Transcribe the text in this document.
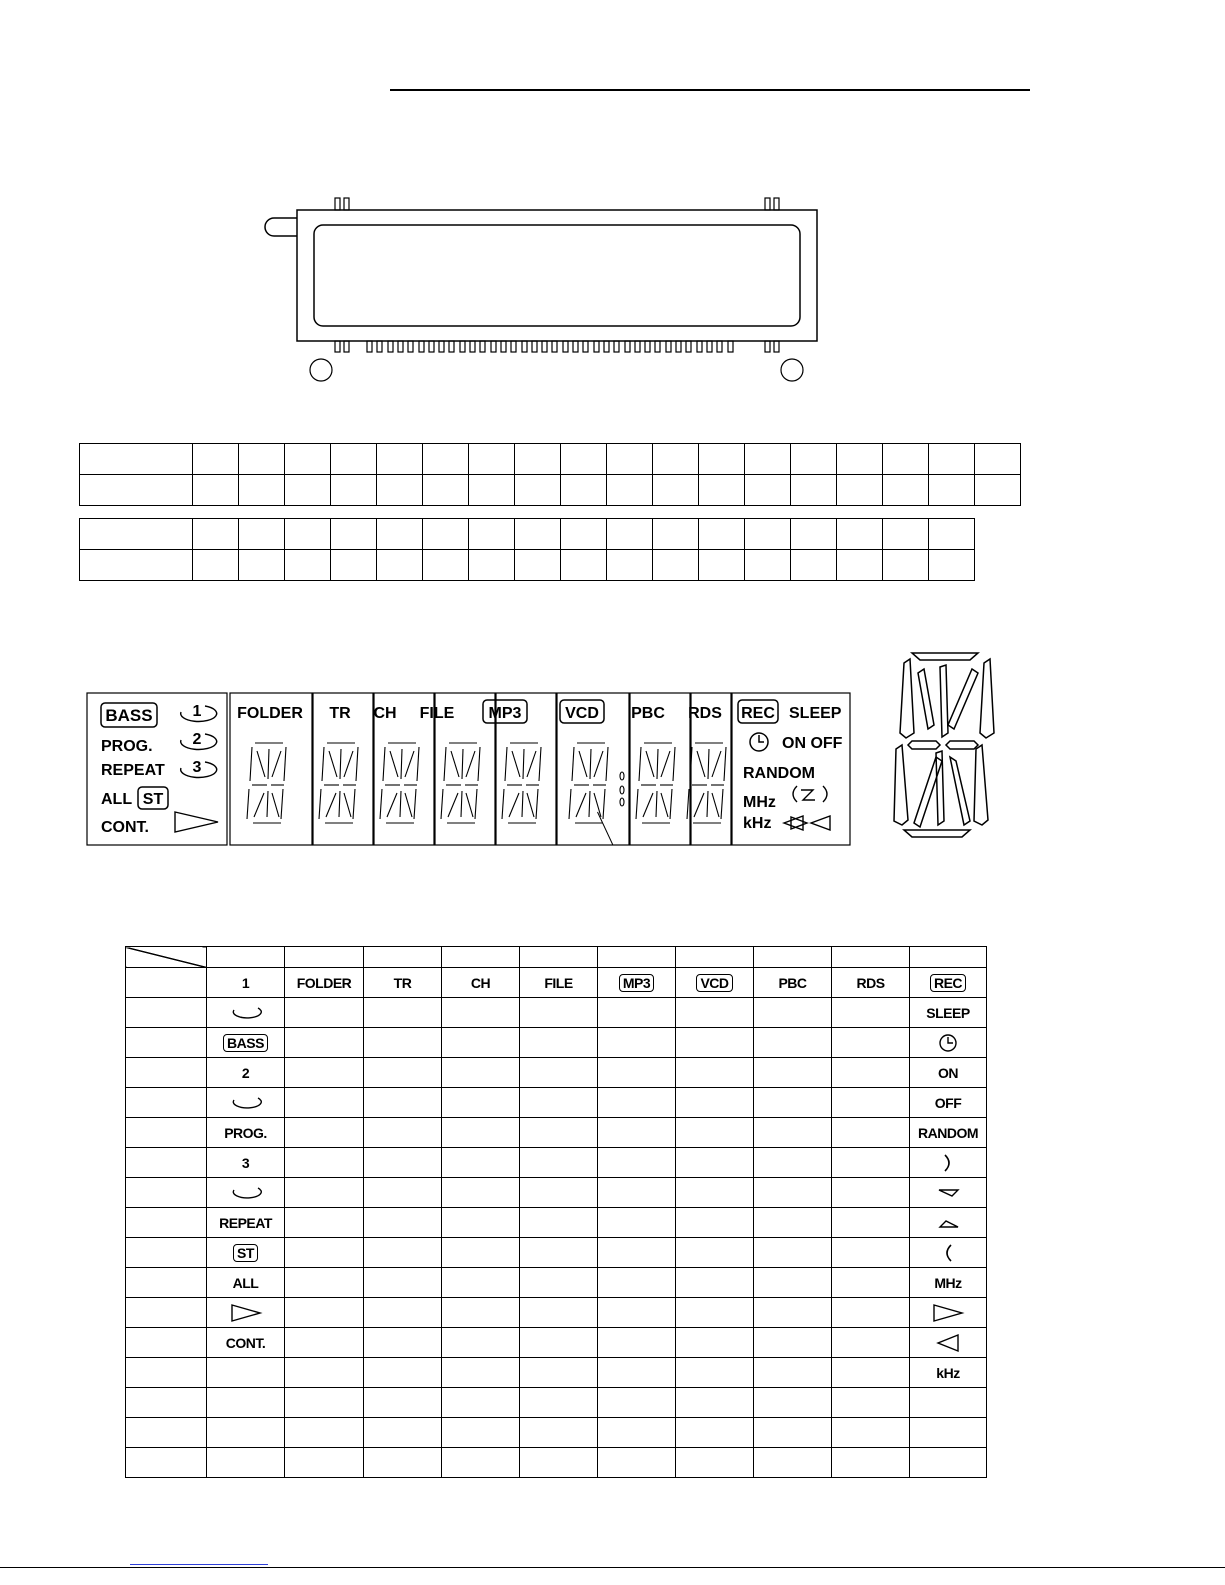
BASS
PROG.
REPEAT
ALL ST
CONT.
1
2
3
FOLDER TR CH FILE MP3	VCD PBC RDS REC SLEEP
ON OFF
RANDOM
MHz
kHz

	1	FOLDER	TR	CH	FILE	MP3	VCD	PBC	RDS	REC
										SLEEP
	BASS									
	2									ON
										OFF
	PROG.									RANDOM
	3									

	REPEAT									
	ST									
	ALL									MHz

	CONT.									
										kHz
